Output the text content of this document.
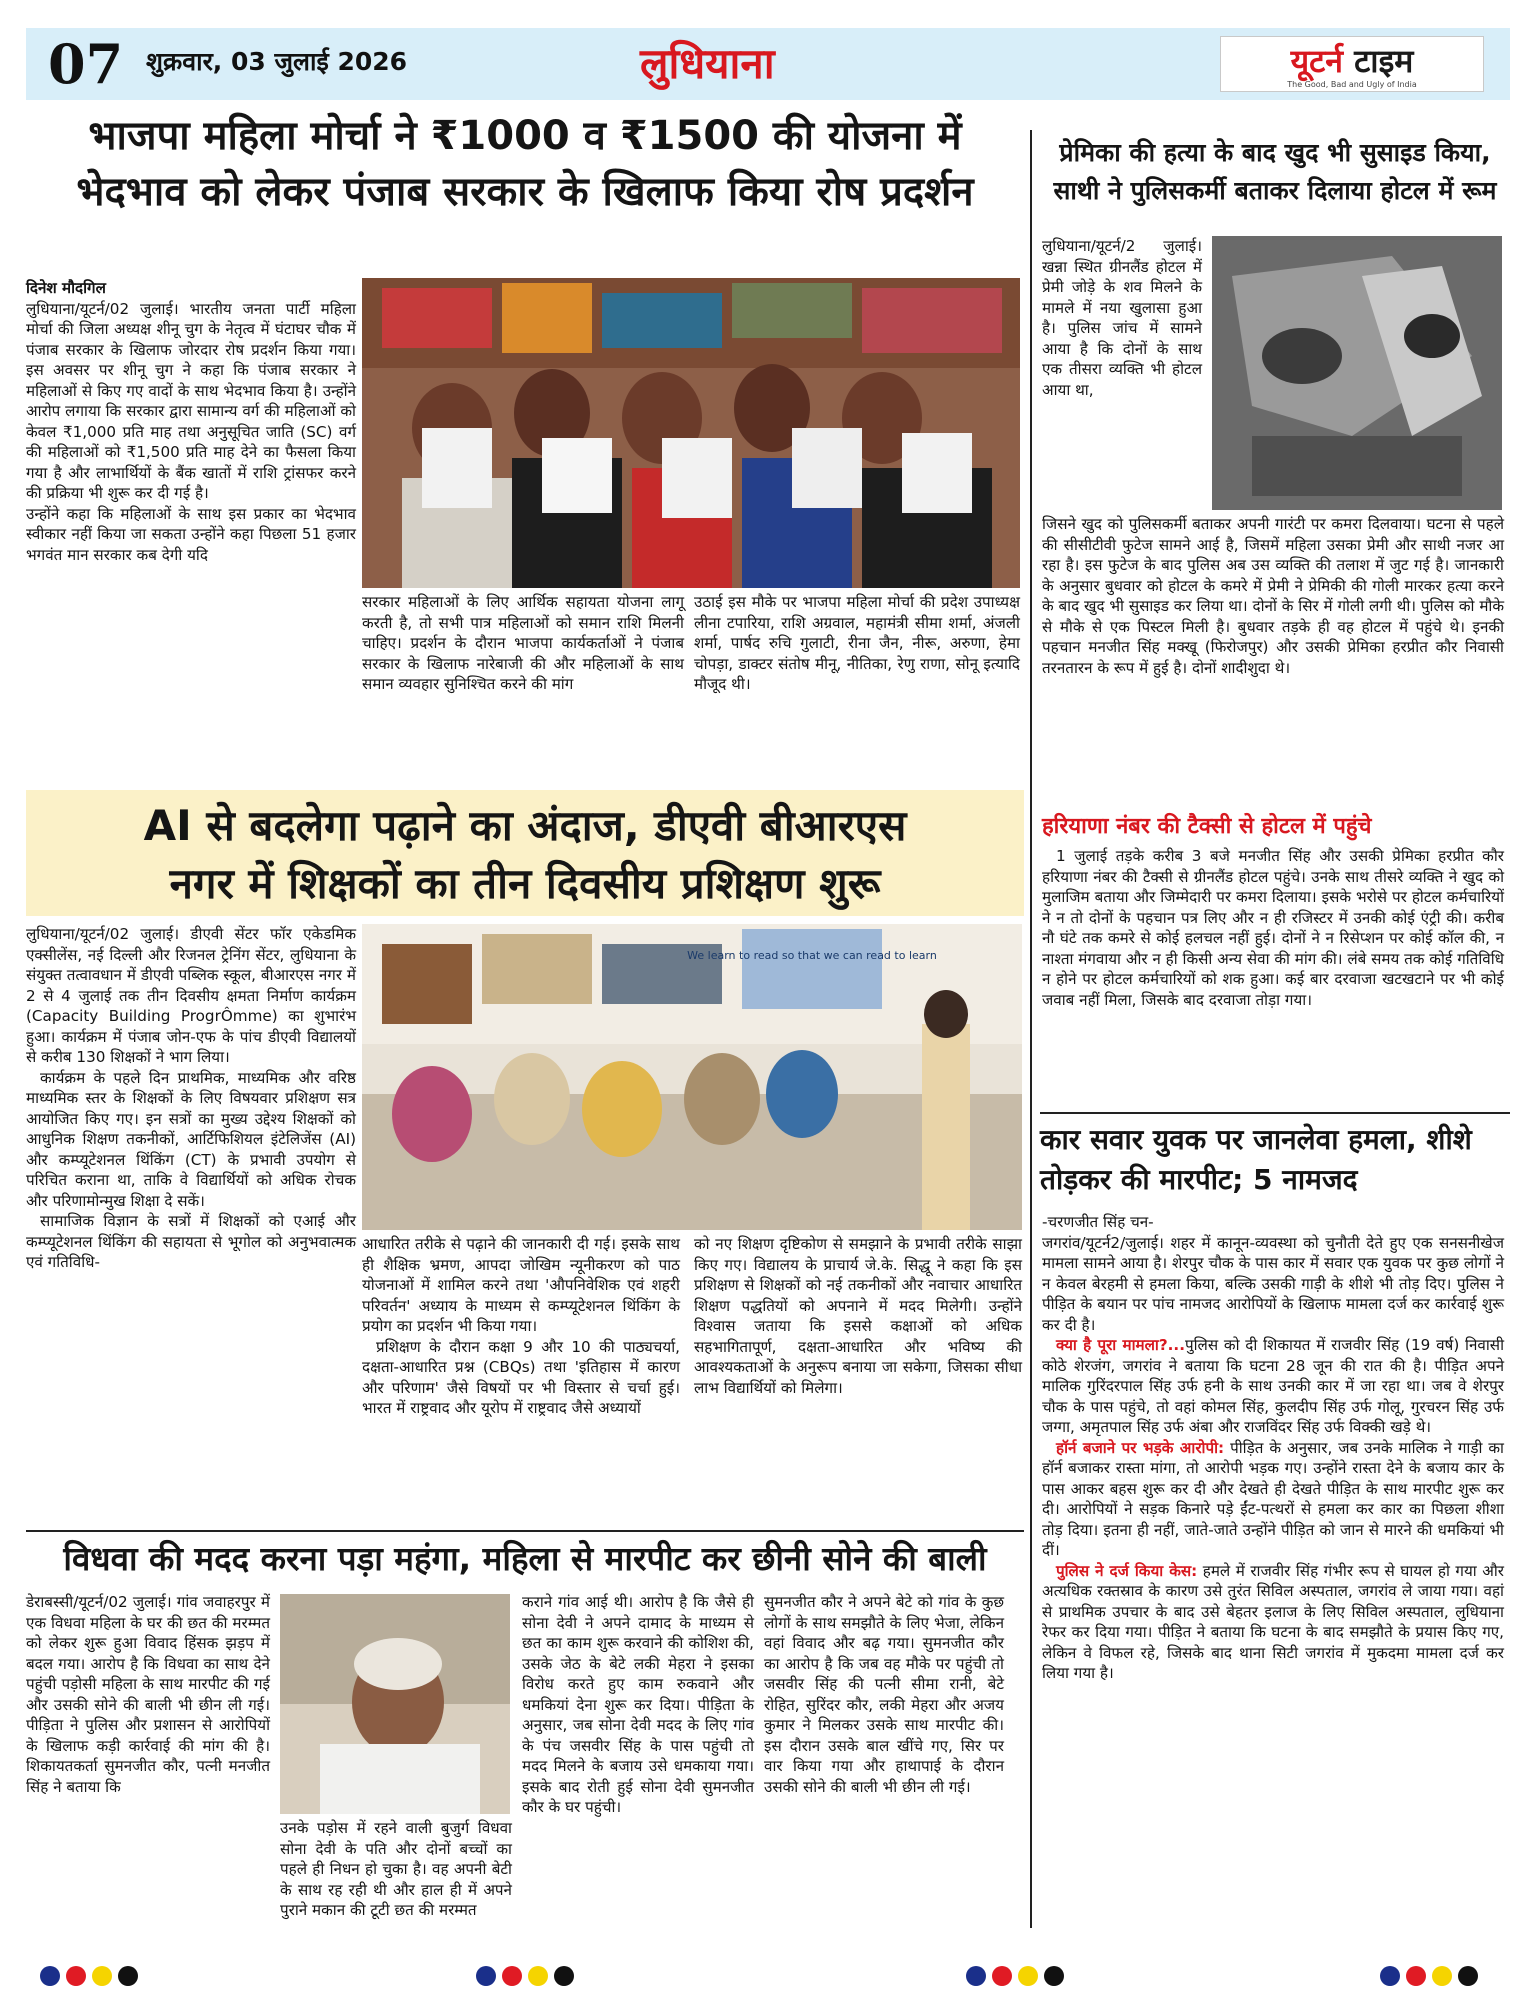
07 शुक्रवार, 03 जुलाई 2026	लुधियाना	यूटर्न टाइम
The Good, Bad and Ugly of India
भाजपा महिला मोर्चा ने ₹1000 व ₹1500 की योजना में
भेदभाव को लेकर पंजाब सरकार के खिलाफ किया रोष प्रदर्शन

दिनेश मौदगिल

लुधियाना/यूटर्न/02 जुलाई। भारतीय जनता पार्टी महिला मोर्चा की जिला अध्यक्ष शीनू चुग के नेतृत्व में घंटाघर चौक में पंजाब सरकार के खिलाफ जोरदार रोष प्रदर्शन किया गया। इस अवसर पर शीनू चुग ने कहा कि पंजाब सरकार ने महिलाओं से किए गए वादों के साथ भेदभाव किया है। उन्होंने आरोप लगाया कि सरकार द्वारा सामान्य वर्ग की महिलाओं को केवल ₹1,000 प्रति माह तथा अनुसूचित जाति (SC) वर्ग की महिलाओं को ₹1,500 प्रति माह देने का फैसला किया गया है और लाभार्थियों के बैंक खातों में राशि ट्रांसफर करने की प्रक्रिया भी शुरू कर दी गई है।

उन्होंने कहा कि महिलाओं के साथ इस प्रकार का भेदभाव स्वीकार नहीं किया जा सकता उन्होंने कहा पिछला 51 हजार भगवंत मान सरकार कब देगी यदि

सरकार महिलाओं के लिए आर्थिक सहायता योजना लागू करती है, तो सभी पात्र महिलाओं को समान राशि मिलनी चाहिए। प्रदर्शन के दौरान भाजपा कार्यकर्ताओं ने पंजाब सरकार के खिलाफ नारेबाजी की और महिलाओं के साथ समान व्यवहार सुनिश्चित करने की मांग

उठाई इस मौके पर भाजपा महिला मोर्चा की प्रदेश उपाध्यक्ष लीना टपारिया, राशि अग्रवाल, महामंत्री सीमा शर्मा, अंजली शर्मा, पार्षद रुचि गुलाटी, रीना जैन, नीरू, अरुणा, हेमा चोपड़ा, डाक्टर संतोष मीनू, नीतिका, रेणु राणा, सोनू इत्यादि मौजूद थी।

AI से बदलेगा पढ़ाने का अंदाज, डीएवी बीआरएस
नगर में शिक्षकों का तीन दिवसीय प्रशिक्षण शुरू

लुधियाना/यूटर्न/02 जुलाई। डीएवी सेंटर फॉर एकेडमिक एक्सीलेंस, नई दिल्ली और रिजनल ट्रेनिंग सेंटर, लुधियाना के संयुक्त तत्वावधान में डीएवी पब्लिक स्कूल, बीआरएस नगर में 2 से 4 जुलाई तक तीन दिवसीय क्षमता निर्माण कार्यक्रम (Capacity Building ProgrÔmme) का शुभारंभ हुआ। कार्यक्रम में पंजाब जोन-एफ के पांच डीएवी विद्यालयों से करीब 130 शिक्षकों ने भाग लिया।

कार्यक्रम के पहले दिन प्राथमिक, माध्यमिक और वरिष्ठ माध्यमिक स्तर के शिक्षकों के लिए विषयवार प्रशिक्षण सत्र आयोजित किए गए। इन सत्रों का मुख्य उद्देश्य शिक्षकों को आधुनिक शिक्षण तकनीकों, आर्टिफिशियल इंटेलिजेंस (AI) और कम्प्यूटेशनल थिंकिंग (CT) के प्रभावी उपयोग से परिचित कराना था, ताकि वे विद्यार्थियों को अधिक रोचक और परिणामोन्मुख शिक्षा दे सकें।

सामाजिक विज्ञान के सत्रों में शिक्षकों को एआई और कम्प्यूटेशनल थिंकिंग की सहायता से भूगोल को अनुभवात्मक एवं गतिविधि-

We learn to read so that we can read to learn

आधारित तरीके से पढ़ाने की जानकारी दी गई। इसके साथ ही शैक्षिक भ्रमण, आपदा जोखिम न्यूनीकरण को पाठ योजनाओं में शामिल करने तथा 'औपनिवेशिक एवं शहरी परिवर्तन' अध्याय के माध्यम से कम्प्यूटेशनल थिंकिंग के प्रयोग का प्रदर्शन भी किया गया।

प्रशिक्षण के दौरान कक्षा 9 और 10 की पाठ्यचर्या, दक्षता-आधारित प्रश्न (CBQs) तथा 'इतिहास में कारण और परिणाम' जैसे विषयों पर भी विस्तार से चर्चा हुई। भारत में राष्ट्रवाद और यूरोप में राष्ट्रवाद जैसे अध्यायों

को नए शिक्षण दृष्टिकोण से समझाने के प्रभावी तरीके साझा किए गए। विद्यालय के प्राचार्य जे.के. सिद्धू ने कहा कि इस प्रशिक्षण से शिक्षकों को नई तकनीकों और नवाचार आधारित शिक्षण पद्धतियों को अपनाने में मदद मिलेगी। उन्होंने विश्वास जताया कि इससे कक्षाओं को अधिक सहभागितापूर्ण, दक्षता-आधारित और भविष्य की आवश्यकताओं के अनुरूप बनाया जा सकेगा, जिसका सीधा लाभ विद्यार्थियों को मिलेगा।

विधवा की मदद करना पड़ा महंगा, महिला से मारपीट कर छीनी सोने की बाली

डेराबस्सी/यूटर्न/02 जुलाई। गांव जवाहरपुर में एक विधवा महिला के घर की छत की मरम्मत को लेकर शुरू हुआ विवाद हिंसक झड़प में बदल गया। आरोप है कि विधवा का साथ देने पहुंची पड़ोसी महिला के साथ मारपीट की गई और उसकी सोने की बाली भी छीन ली गई। पीड़िता ने पुलिस और प्रशासन से आरोपियों के खिलाफ कड़ी कार्रवाई की मांग की है। शिकायतकर्ता सुमनजीत कौर, पत्नी मनजीत सिंह ने बताया कि

उनके पड़ोस में रहने वाली बुजुर्ग विधवा सोना देवी के पति और दोनों बच्चों का पहले ही निधन हो चुका है। वह अपनी बेटी के साथ रह रही थी और हाल ही में अपने पुराने मकान की टूटी छत की मरम्मत

कराने गांव आई थी। आरोप है कि जैसे ही सोना देवी ने अपने दामाद के माध्यम से छत का काम शुरू करवाने की कोशिश की, उसके जेठ के बेटे लकी मेहरा ने इसका विरोध करते हुए काम रुकवाने और धमकियां देना शुरू कर दिया। पीड़िता के अनुसार, जब सोना देवी मदद के लिए गांव के पंच जसवीर सिंह के पास पहुंची तो मदद मिलने के बजाय उसे धमकाया गया। इसके बाद रोती हुई सोना देवी सुमनजीत कौर के घर पहुंची।

सुमनजीत कौर ने अपने बेटे को गांव के कुछ लोगों के साथ समझौते के लिए भेजा, लेकिन वहां विवाद और बढ़ गया। सुमनजीत कौर का आरोप है कि जब वह मौके पर पहुंची तो जसवीर सिंह की पत्नी सीमा रानी, बेटे रोहित, सुरिंदर कौर, लकी मेहरा और अजय कुमार ने मिलकर उसके साथ मारपीट की। इस दौरान उसके बाल खींचे गए, सिर पर वार किया गया और हाथापाई के दौरान उसकी सोने की बाली भी छीन ली गई।

प्रेमिका की हत्या के बाद खुद भी सुसाइड किया,
साथी ने पुलिसकर्मी बताकर दिलाया होटल में रूम

लुधियाना/यूटर्न/2 जुलाई। खन्ना स्थित ग्रीनलैंड होटल में प्रेमी जोड़े के शव मिलने के मामले में नया खुलासा हुआ है। पुलिस जांच में सामने आया है कि दोनों के साथ एक तीसरा व्यक्ति भी होटल आया था,

जिसने खुद को पुलिसकर्मी बताकर अपनी गारंटी पर कमरा दिलवाया। घटना से पहले की सीसीटीवी फुटेज सामने आई है, जिसमें महिला उसका प्रेमी और साथी नजर आ रहा है। इस फुटेज के बाद पुलिस अब उस व्यक्ति की तलाश में जुट गई है। जानकारी के अनुसार बुधवार को होटल के कमरे में प्रेमी ने प्रेमिकी की गोली मारकर हत्या करने के बाद खुद भी सुसाइड कर लिया था। दोनों के सिर में गोली लगी थी। पुलिस को मौके से मौके से एक पिस्टल मिली है। बुधवार तड़के ही वह होटल में पहुंचे थे। इनकी पहचान मनजीत सिंह मक्खू (फिरोजपुर) और उसकी प्रेमिका हरप्रीत कौर निवासी तरनतारन के रूप में हुई है। दोनों शादीशुदा थे।

हरियाणा नंबर की टैक्सी से होटल में पहुंचे

1 जुलाई तड़के करीब 3 बजे मनजीत सिंह और उसकी प्रेमिका हरप्रीत कौर हरियाणा नंबर की टैक्सी से ग्रीनलैंड होटल पहुंचे। उनके साथ तीसरे व्यक्ति ने खुद को मुलाजिम बताया और जिम्मेदारी पर कमरा दिलाया। इसके भरोसे पर होटल कर्मचारियों ने न तो दोनों के पहचान पत्र लिए और न ही रजिस्टर में उनकी कोई एंट्री की। करीब नौ घंटे तक कमरे से कोई हलचल नहीं हुई। दोनों ने न रिसेप्शन पर कोई कॉल की, न नाश्ता मंगवाया और न ही किसी अन्य सेवा की मांग की। लंबे समय तक कोई गतिविधि न होने पर होटल कर्मचारियों को शक हुआ। कई बार दरवाजा खटखटाने पर भी कोई जवाब नहीं मिला, जिसके बाद दरवाजा तोड़ा गया।

कार सवार युवक पर जानलेवा हमला, शीशे
तोड़कर की मारपीट; 5 नामजद

-चरणजीत सिंह चन-

जगरांव/यूटर्न2/जुलाई। शहर में कानून-व्यवस्था को चुनौती देते हुए एक सनसनीखेज मामला सामने आया है। शेरपुर चौक के पास कार में सवार एक युवक पर कुछ लोगों ने न केवल बेरहमी से हमला किया, बल्कि उसकी गाड़ी के शीशे भी तोड़ दिए। पुलिस ने पीड़ित के बयान पर पांच नामजद आरोपियों के खिलाफ मामला दर्ज कर कार्रवाई शुरू कर दी है।

क्या है पूरा मामला?...पुलिस को दी शिकायत में राजवीर सिंह (19 वर्ष) निवासी कोठे शेरजंग, जगरांव ने बताया कि घटना 28 जून की रात की है। पीड़ित अपने मालिक गुरिंदरपाल सिंह उर्फ हनी के साथ उनकी कार में जा रहा था। जब वे शेरपुर चौक के पास पहुंचे, तो वहां कोमल सिंह, कुलदीप सिंह उर्फ गोलू, गुरचरन सिंह उर्फ जग्गा, अमृतपाल सिंह उर्फ अंबा और राजविंदर सिंह उर्फ विक्की खड़े थे।

हॉर्न बजाने पर भड़के आरोपी: पीड़ित के अनुसार, जब उनके मालिक ने गाड़ी का हॉर्न बजाकर रास्ता मांगा, तो आरोपी भड़क गए। उन्होंने रास्ता देने के बजाय कार के पास आकर बहस शुरू कर दी और देखते ही देखते पीड़ित के साथ मारपीट शुरू कर दी। आरोपियों ने सड़क किनारे पड़े ईंट-पत्थरों से हमला कर कार का पिछला शीशा तोड़ दिया। इतना ही नहीं, जाते-जाते उन्होंने पीड़ित को जान से मारने की धमकियां भी दीं।

पुलिस ने दर्ज किया केस: हमले में राजवीर सिंह गंभीर रूप से घायल हो गया और अत्यधिक रक्तस्राव के कारण उसे तुरंत सिविल अस्पताल, जगरांव ले जाया गया। वहां से प्राथमिक उपचार के बाद उसे बेहतर इलाज के लिए सिविल अस्पताल, लुधियाना रेफर कर दिया गया। पीड़ित ने बताया कि घटना के बाद समझौते के प्रयास किए गए, लेकिन वे विफल रहे, जिसके बाद थाना सिटी जगरांव में मुकदमा मामला दर्ज कर लिया गया है।
